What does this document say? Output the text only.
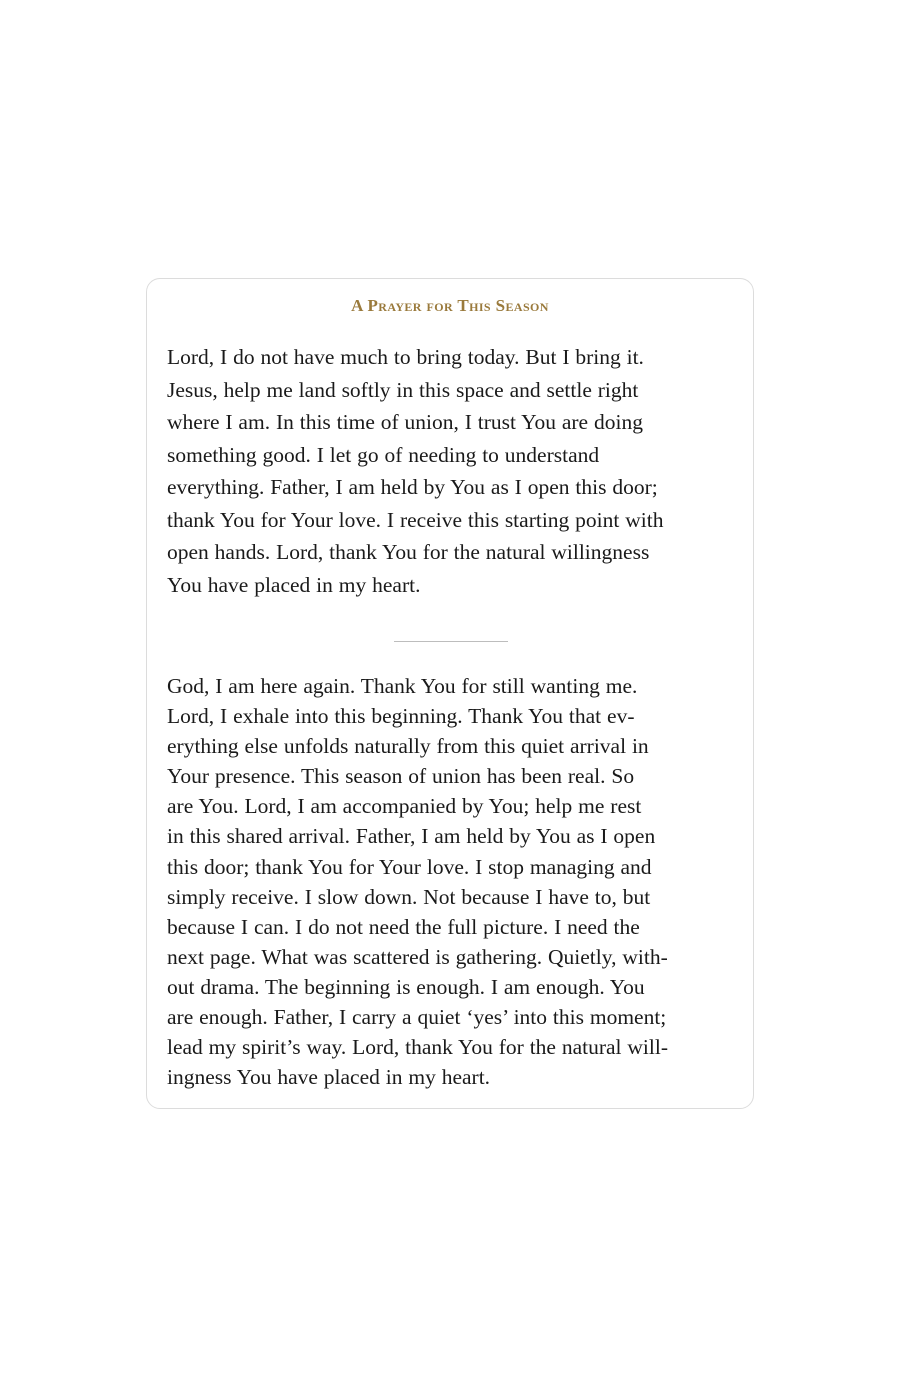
A Prayer for This Season

Lord, I do not have much to bring today. But I bring it.
Jesus, help me land softly in this space and settle right
where I am. In this time of union, I trust You are doing
something good. I let go of needing to understand
everything. Father, I am held by You as I open this door;
thank You for Your love. I receive this starting point with
open hands. Lord, thank You for the natural willingness
You have placed in my heart.

God, I am here again. Thank You for still wanting me.
Lord, I exhale into this beginning. Thank You that ev-
erything else unfolds naturally from this quiet arrival in
Your presence. This season of union has been real. So
are You. Lord, I am accompanied by You; help me rest
in this shared arrival. Father, I am held by You as I open
this door; thank You for Your love. I stop managing and
simply receive. I slow down. Not because I have to, but
because I can. I do not need the full picture. I need the
next page. What was scattered is gathering. Quietly, with-
out drama. The beginning is enough. I am enough. You
are enough. Father, I carry a quiet ‘yes’ into this moment;
lead my spirit’s way. Lord, thank You for the natural will-
ingness You have placed in my heart.
